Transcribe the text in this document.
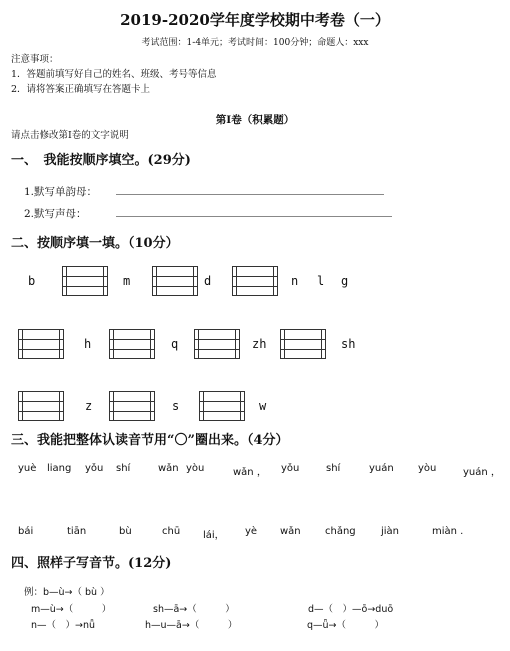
2019-2020学年度学校期中考卷（一）
考试范围：1-4单元；考试时间：100分钟；命题人：xxx
注意事项：
1．答题前填写好自己的姓名、班级、考号等信息
2．请将答案正确填写在答题卡上
第I卷（积累题）
请点击修改第I卷的文字说明
一、　我能按顺序填空。(29分)
1.默写单韵母：
2.默写声母：
二、按顺序填一填。（10分）
b	m	d	n l g
h	q	zh	sh
z	s	w
三、我能把整体认读音节用“〇”圈出来。（4分）
yuè liang yǒu shí	wǎn yòu	wǎn ， yǒu	shí	yuán yòu	yuán ，
bái	tiān	bù	chū lái， yè wǎn chǎng	jiàn	miàn .
四、照样子写音节。(12分)
例：b—ù→（ bù ）
m—ù→（　　　）	sh—ā→（　　　）	d—（　）—ō→duō
n—（　）→nǚ	h—u—ā→（　　　）	q—ǖ→（　　　）
